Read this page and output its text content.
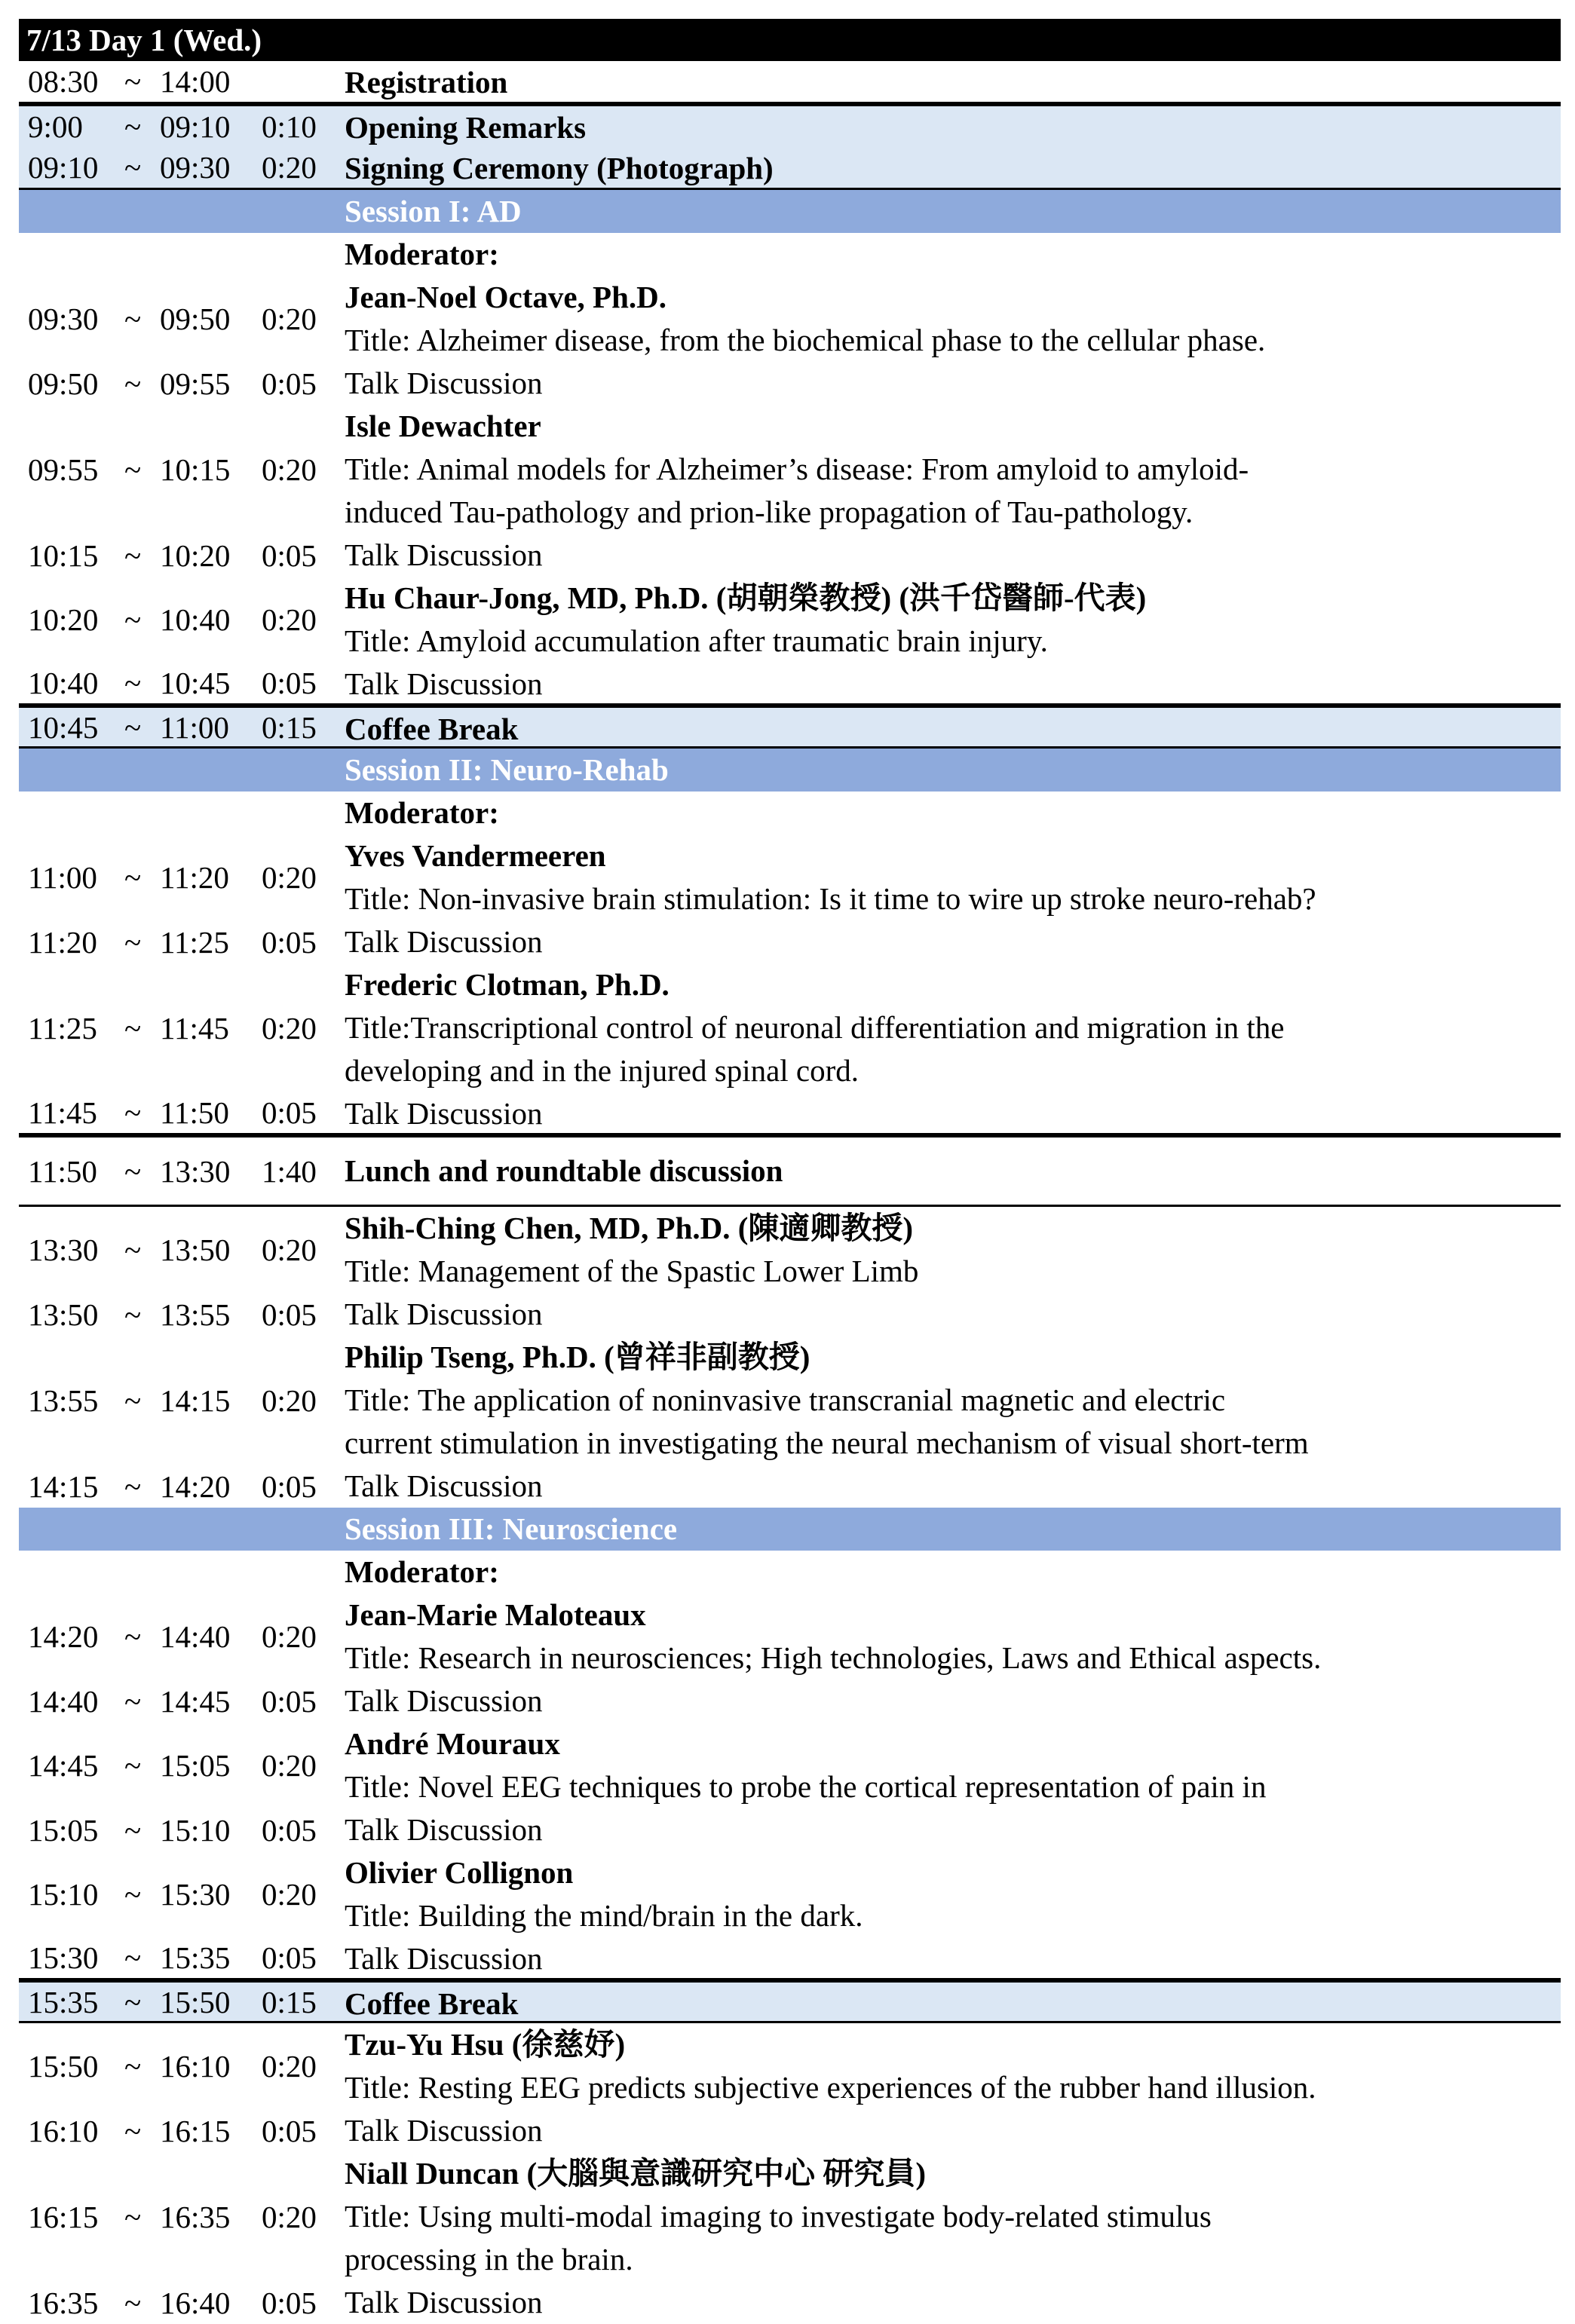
7/13 Day 1 (Wed.)
08:30 ~ 14:00	Registration
9:00 ~ 09:10 0:10 Opening Remarks
09:10 ~ 09:30 0:20 Signing Ceremony (Photograph)
Session I: AD
Moderator:
09:30 ~ 09:50 0:20
Jean-Noel Octave, Ph.D.
Title: Alzheimer disease, from the biochemical phase to the cellular phase.
09:50 ~ 09:55 0:05 Talk Discussion
09:55 ~ 10:15 0:20
Isle Dewachter
Title: Animal models for Alzheimer’s disease: From amyloid to amyloid-
induced Tau-pathology and prion-like propagation of Tau-pathology.
10:15 ~ 10:20 0:05 Talk Discussion
10:20 ~ 10:40 0:20
Hu Chaur-Jong, MD, Ph.D. (胡朝榮教授) (洪千岱醫師-代表)
Title: Amyloid accumulation after traumatic brain injury.
10:40 ~ 10:45 0:05 Talk Discussion
10:45 ~ 11:00 0:15 Coffee Break
Session II: Neuro-Rehab
Moderator:
11:00 ~ 11:20 0:20
Yves Vandermeeren
Title: Non-invasive brain stimulation: Is it time to wire up stroke neuro-rehab?
11:20 ~ 11:25 0:05 Talk Discussion
11:25 ~ 11:45 0:20
Frederic Clotman, Ph.D.
Title:Transcriptional control of neuronal differentiation and migration in the
developing and in the injured spinal cord.
11:45 ~ 11:50 0:05 Talk Discussion
11:50 ~ 13:30 1:40 Lunch and roundtable discussion
13:30 ~ 13:50 0:20
Shih-Ching Chen, MD, Ph.D. (陳適卿教授)
Title: Management of the Spastic Lower Limb
13:50 ~ 13:55 0:05 Talk Discussion
13:55 ~ 14:15 0:20
Philip Tseng, Ph.D. (曾祥非副教授)
Title: The application of noninvasive transcranial magnetic and electric
current stimulation in investigating the neural mechanism of visual short-term
14:15 ~ 14:20 0:05 Talk Discussion
Session III: Neuroscience
Moderator:
14:20 ~ 14:40 0:20
Jean-Marie Maloteaux
Title: Research in neurosciences; High technologies, Laws and Ethical aspects.
14:40 ~ 14:45 0:05 Talk Discussion
14:45 ~ 15:05 0:20
André Mouraux
Title: Novel EEG techniques to probe the cortical representation of pain in
15:05 ~ 15:10 0:05 Talk Discussion
15:10 ~ 15:30 0:20
Olivier Collignon
Title: Building the mind/brain in the dark.
15:30 ~ 15:35 0:05 Talk Discussion
15:35 ~ 15:50 0:15 Coffee Break
15:50 ~ 16:10 0:20
Tzu-Yu Hsu (徐慈妤)
Title: Resting EEG predicts subjective experiences of the rubber hand illusion.
16:10 ~ 16:15 0:05 Talk Discussion
16:15 ~ 16:35 0:20
Niall Duncan (大腦與意識研究中心 研究員)
Title: Using multi-modal imaging to investigate body-related stimulus
processing in the brain.
16:35 ~ 16:40 0:05 Talk Discussion
